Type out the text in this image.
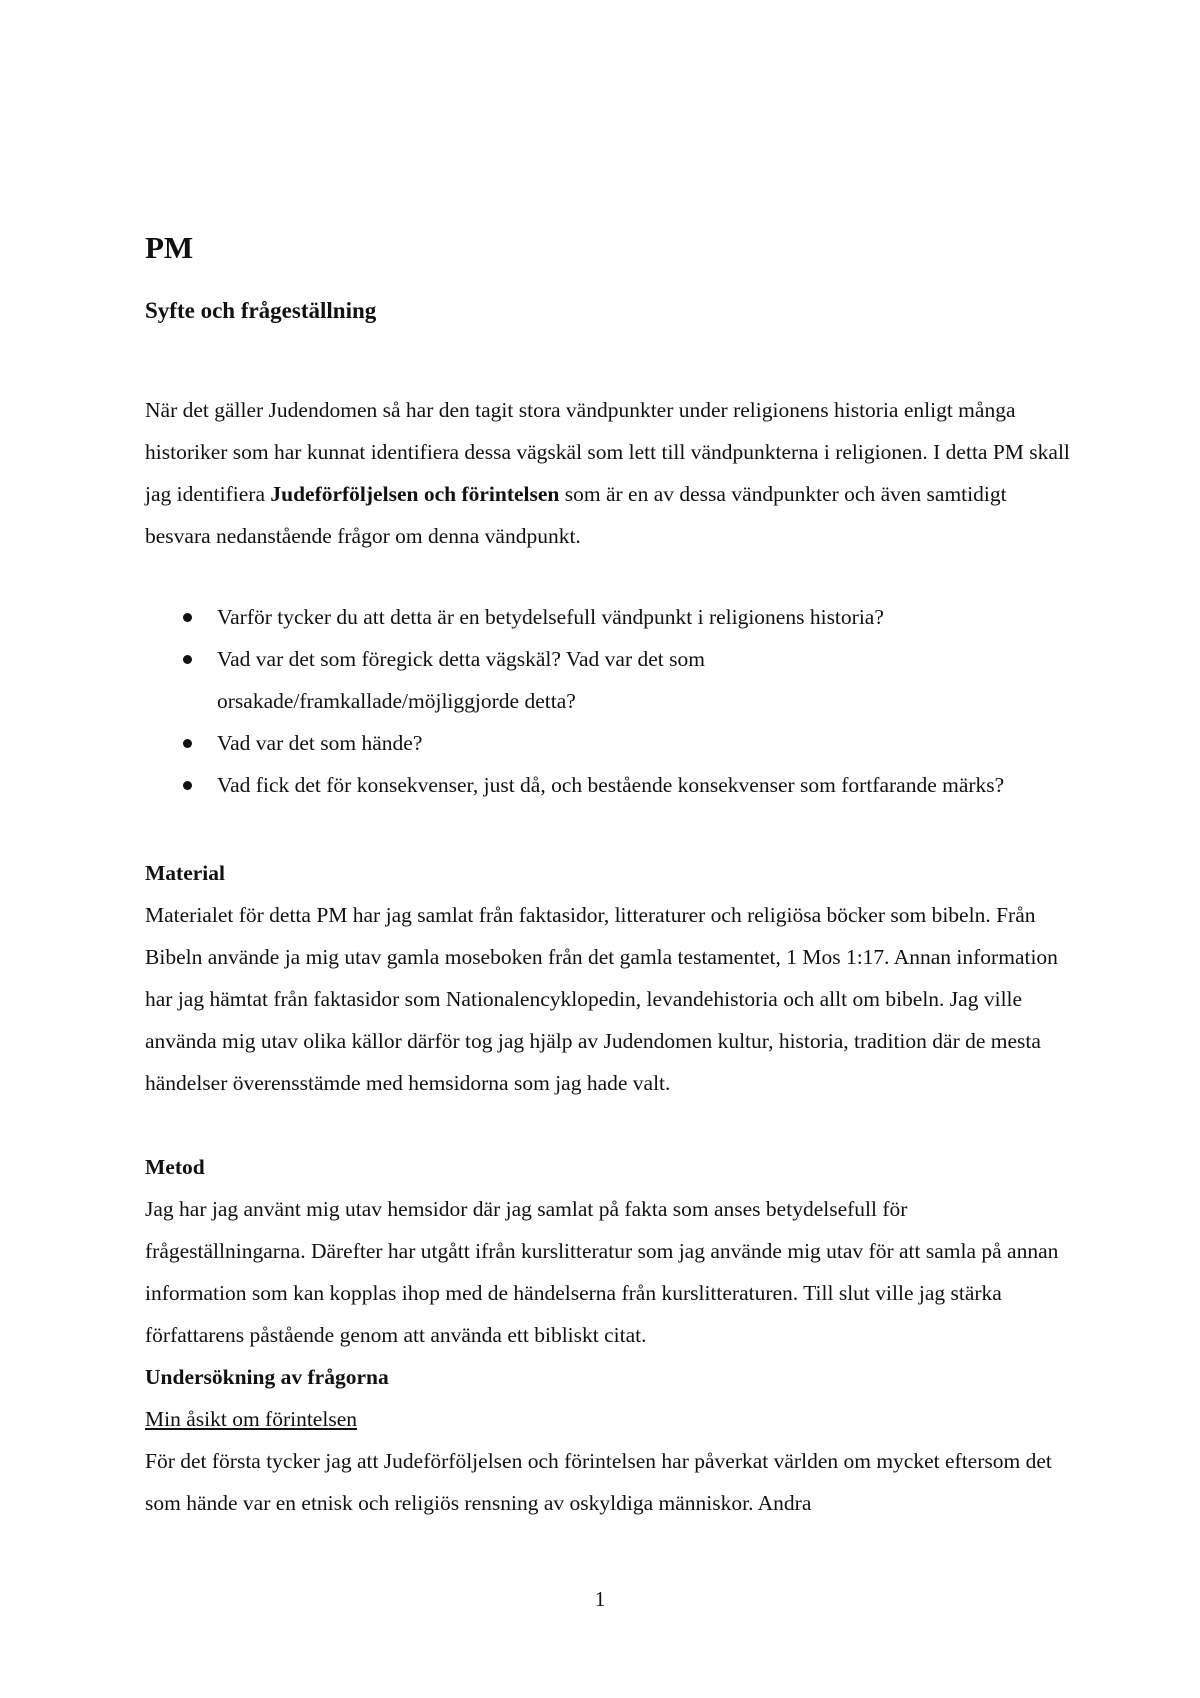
PM
Syfte och frågeställning

När det gäller Judendomen så har den tagit stora vändpunkter under religionens historia enligt många historiker som har kunnat identifiera dessa vägskäl som lett till vändpunkterna i religionen. I detta PM skall jag identifiera Judeförföljelsen och förintelsen som är en av dessa vändpunkter och även samtidigt besvara nedanstående frågor om denna vändpunkt.

Varför tycker du att detta är en betydelsefull vändpunkt i religionens historia?
Vad var det som föregick detta vägskäl? Vad var det som orsakade/framkallade/möjliggjorde detta?
Vad var det som hände?
Vad fick det för konsekvenser, just då, och bestående konsekvenser som fortfarande märks?
Material

Materialet för detta PM har jag samlat från faktasidor, litteraturer och religiösa böcker som bibeln. Från Bibeln använde ja mig utav gamla moseboken från det gamla testamentet, 1 Mos 1:17. Annan information har jag hämtat från faktasidor som Nationalencyklopedin, levandehistoria och allt om bibeln. Jag ville använda mig utav olika källor därför tog jag hjälp av Judendomen kultur, historia, tradition där de mesta händelser överensstämde med hemsidorna som jag hade valt.

Metod

Jag har jag använt mig utav hemsidor där jag samlat på fakta som anses betydelsefull för frågeställningarna. Därefter har utgått ifrån kurslitteratur som jag använde mig utav för att samla på annan information som kan kopplas ihop med de händelserna från kurslitteraturen. Till slut ville jag stärka författarens påstående genom att använda ett bibliskt citat.

Undersökning av frågorna
Min åsikt om förintelsen

För det första tycker jag att Judeförföljelsen och förintelsen har påverkat världen om mycket eftersom det som hände var en etnisk och religiös rensning av oskyldiga människor. Andra

1
